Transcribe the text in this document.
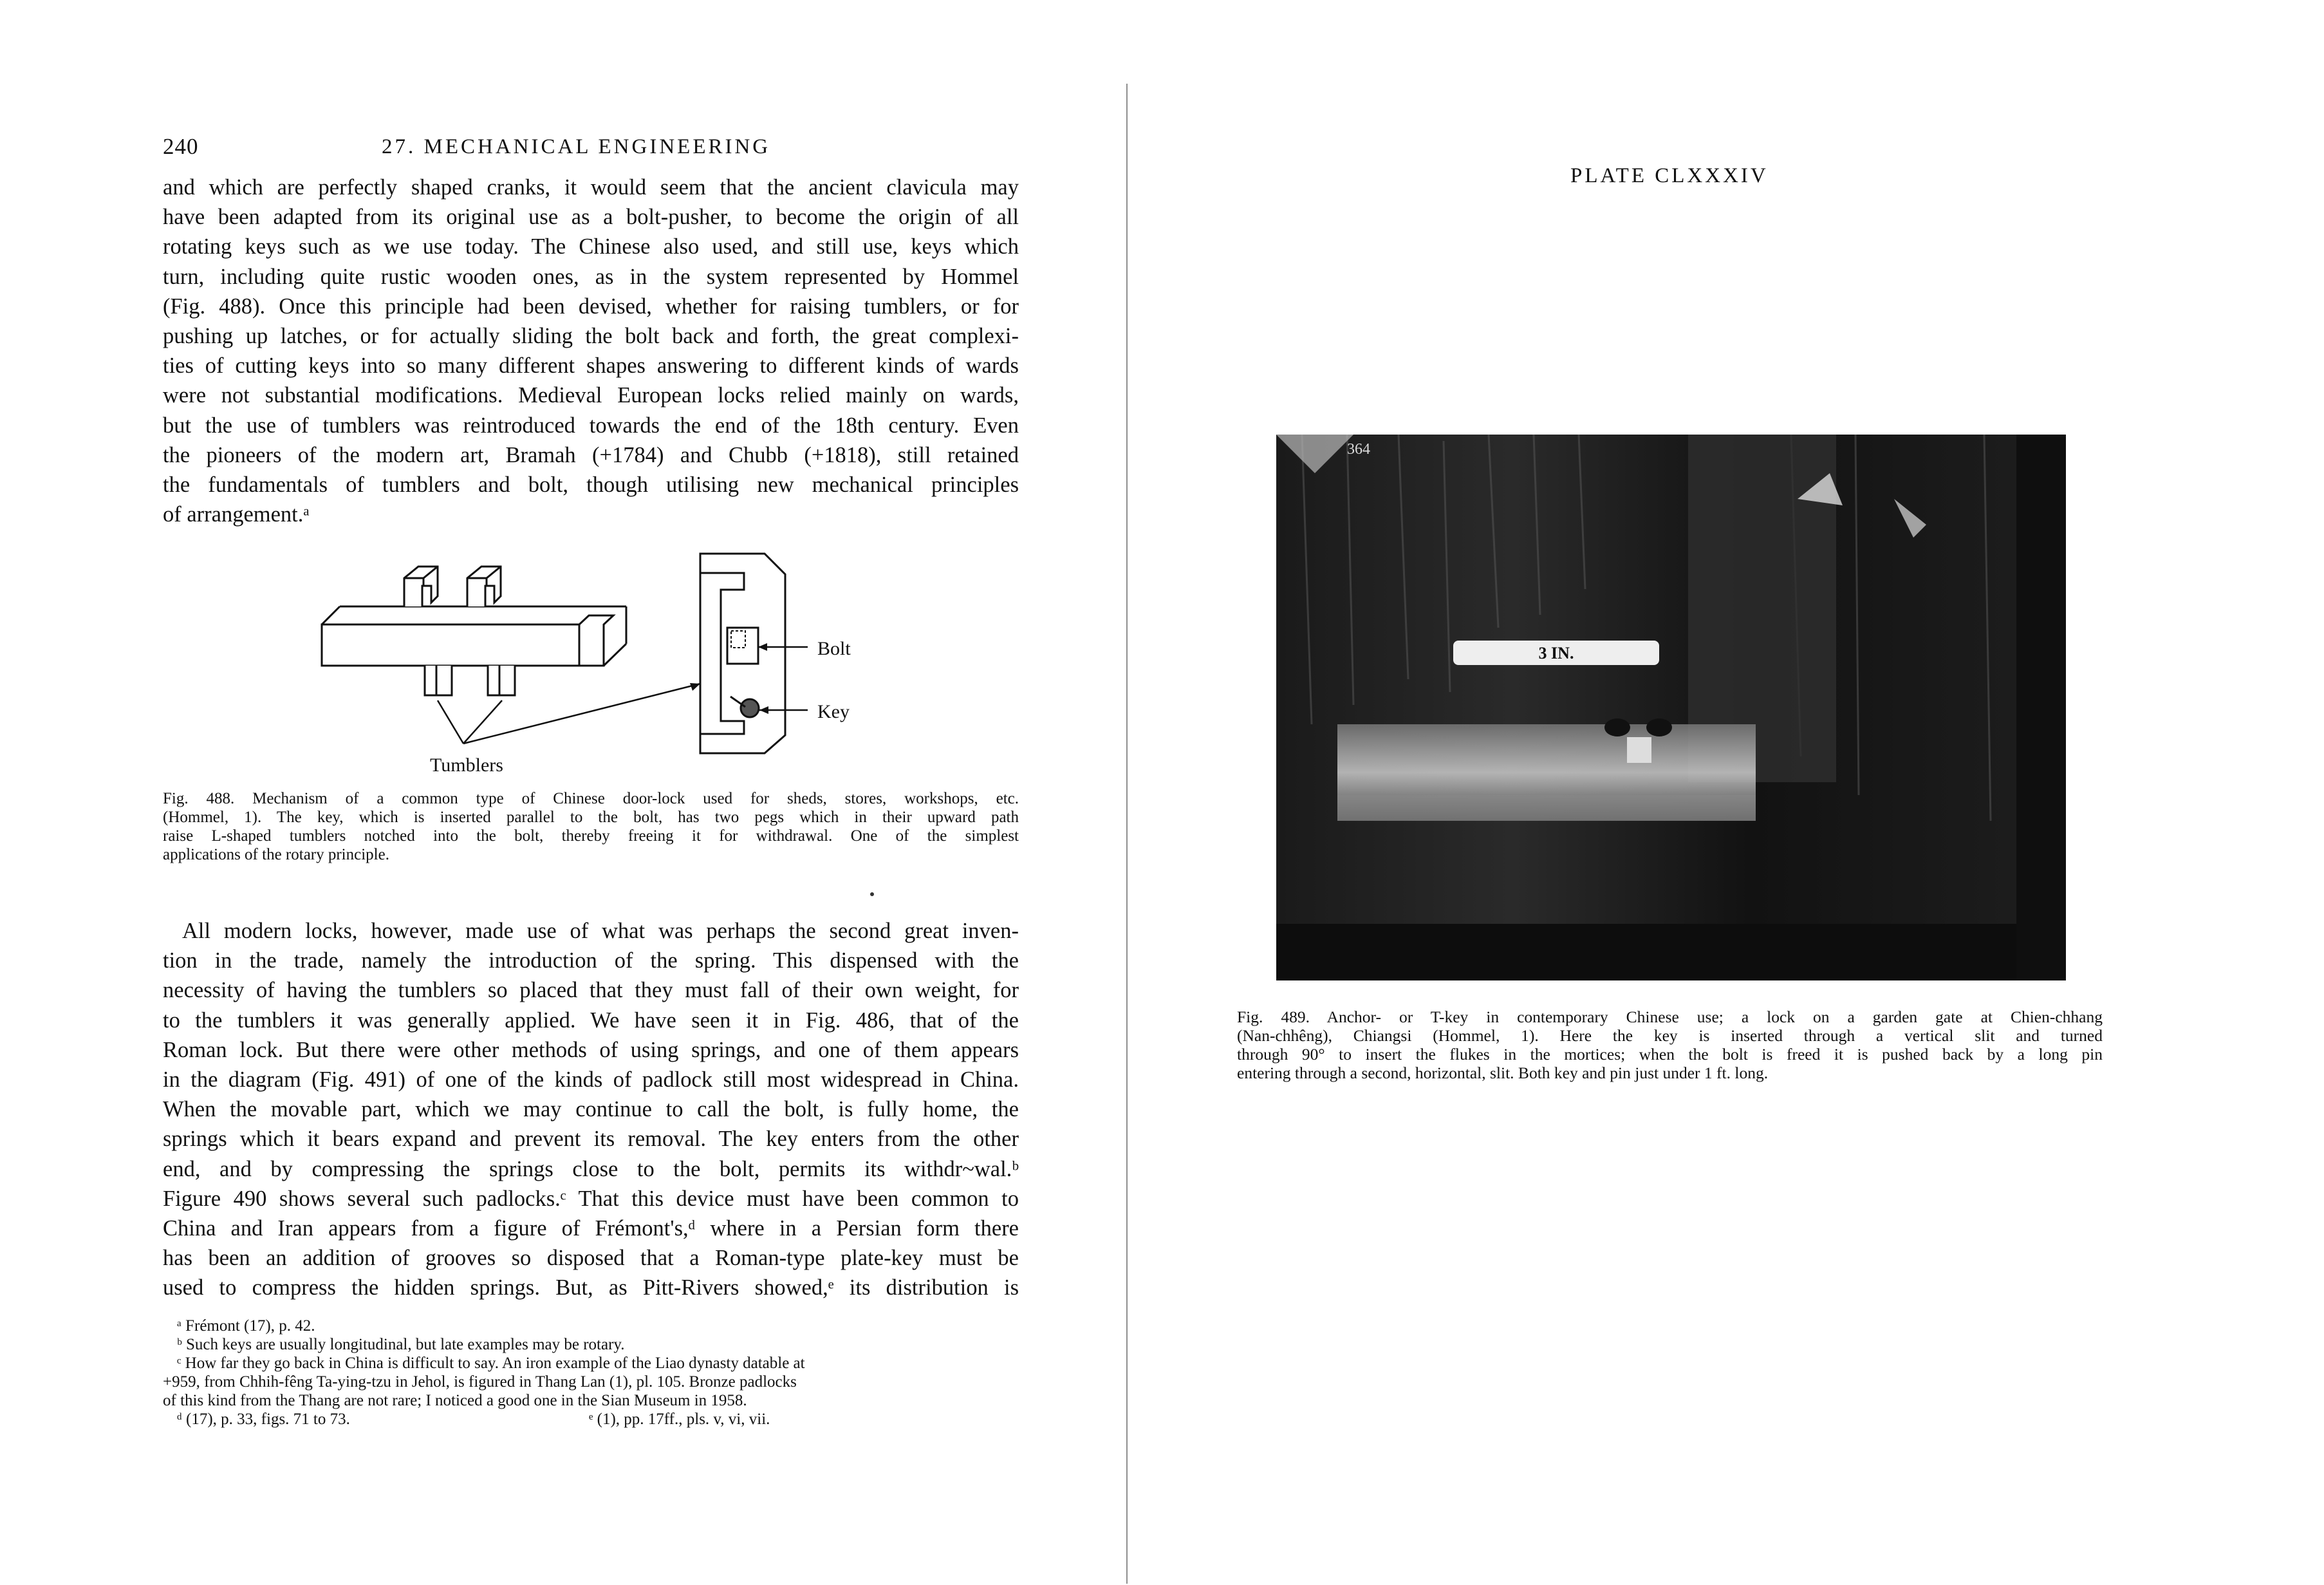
240	27. MECHANICAL ENGINEERING

and which are perfectly shaped cranks, it would seem that the ancient clavicula may

have been adapted from its original use as a bolt-pusher, to become the origin of all

rotating keys such as we use today. The Chinese also used, and still use, keys which

turn, including quite rustic wooden ones, as in the system represented by Hommel

(Fig. 488). Once this principle had been devised, whether for raising tumblers, or for

pushing up latches, or for actually sliding the bolt back and forth, the great complexi-

ties of cutting keys into so many different shapes answering to different kinds of wards

were not substantial modifications. Medieval European locks relied mainly on wards,

but the use of tumblers was reintroduced towards the end of the 18th century. Even

the pioneers of the modern art, Bramah (+1784) and Chubb (+1818), still retained

the fundamentals of tumblers and bolt, though utilising new mechanical principles

of arrangement.ᵃ

Bolt
Key
Tumblers

Fig. 488. Mechanism of a common type of Chinese door-lock used for sheds, stores, workshops, etc.

(Hommel, 1). The key, which is inserted parallel to the bolt, has two pegs which in their upward path

raise L-shaped tumblers notched into the bolt, thereby freeing it for withdrawal. One of the simplest

applications of the rotary principle.

All modern locks, however, made use of what was perhaps the second great inven-

tion in the trade, namely the introduction of the spring. This dispensed with the

necessity of having the tumblers so placed that they must fall of their own weight, for

to the tumblers it was generally applied. We have seen it in Fig. 486, that of the

Roman lock. But there were other methods of using springs, and one of them appears

in the diagram (Fig. 491) of one of the kinds of padlock still most widespread in China.

When the movable part, which we may continue to call the bolt, is fully home, the

springs which it bears expand and prevent its removal. The key enters from the other

end, and by compressing the springs close to the bolt, permits its withdr~wal.ᵇ

Figure 490 shows several such padlocks.ᶜ That this device must have been common to

China and Iran appears from a figure of Frémont's,ᵈ where in a Persian form there

has been an addition of grooves so disposed that a Roman-type plate-key must be

used to compress the hidden springs. But, as Pitt-Rivers showed,ᵉ its distribution is

ᵃ Frémont (17), p. 42.

ᵇ Such keys are usually longitudinal, but late examples may be rotary.

ᶜ How far they go back in China is difficult to say. An iron example of the Liao dynasty datable at

+959, from Chhih-fêng Ta-ying-tzu in Jehol, is figured in Thang Lan (1), pl. 105. Bronze padlocks

of this kind from the Thang are not rare; I noticed a good one in the Sian Museum in 1958.

ᵈ (17), p. 33, figs. 71 to 73.	ᵉ (1), pp. 17ff., pls. v, vi, vii.

PLATE CLXXXIV
3 IN.
364

Fig. 489. Anchor- or T-key in contemporary Chinese use; a lock on a garden gate at Chien-chhang

(Nan-chhêng), Chiangsi (Hommel, 1). Here the key is inserted through a vertical slit and turned

through 90° to insert the flukes in the mortices; when the bolt is freed it is pushed back by a long pin

entering through a second, horizontal, slit. Both key and pin just under 1 ft. long.
